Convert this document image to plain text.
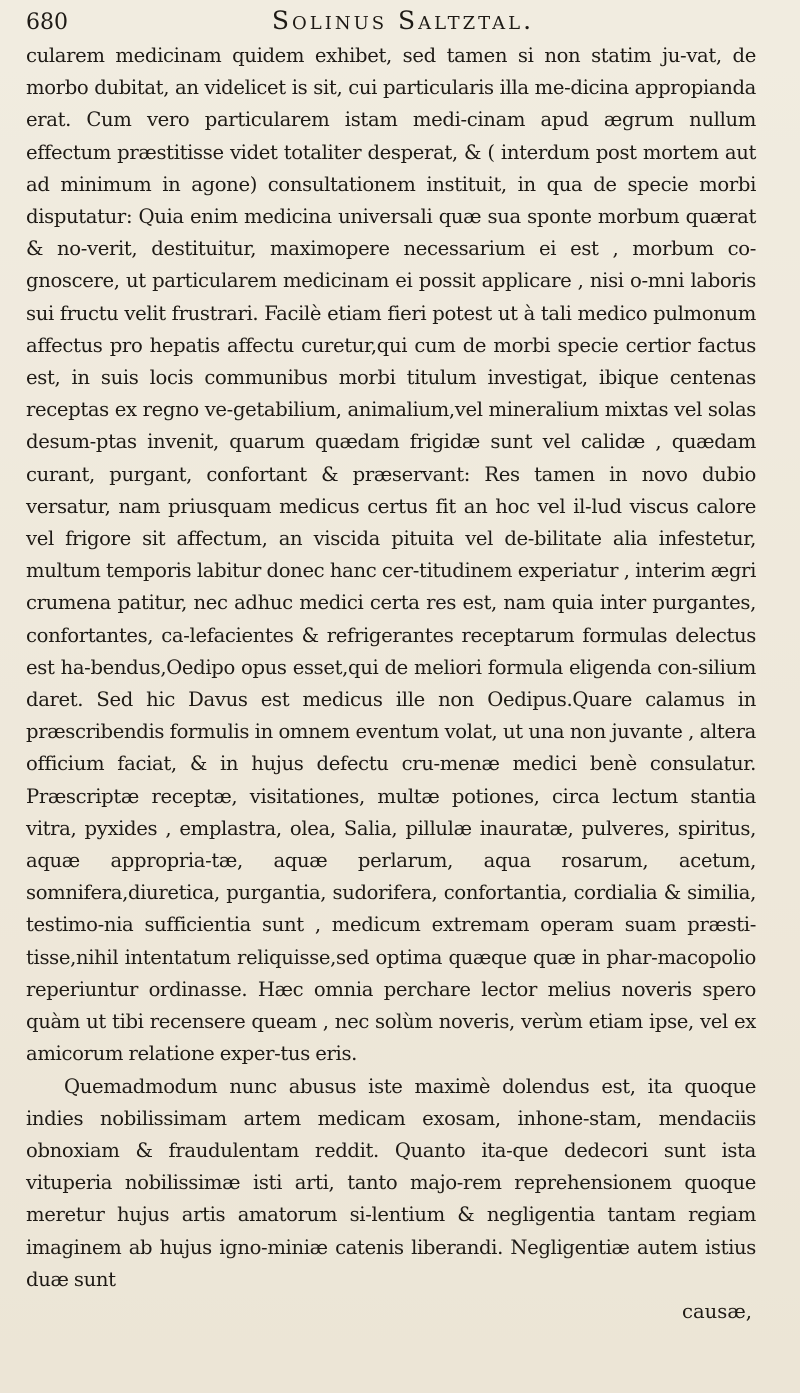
680	Solinus Saltztal.

cularem medicinam quidem exhibet, sed tamen si non statim ju-vat, de morbo dubitat, an videlicet is sit, cui particularis illa me-dicina appropianda erat. Cum vero particularem istam medi-cinam apud ægrum nullum effectum præstitisse videt totaliter desperat, & ( interdum post mortem aut ad minimum in agone) consultationem instituit, in qua de specie morbi disputatur: Quia enim medicina universali quæ sua sponte morbum quærat & no-verit, destituitur, maximopere necessarium ei est , morbum co-gnoscere, ut particularem medicinam ei possit applicare , nisi o-mni laboris sui fructu velit frustrari. Facilè etiam fieri potest ut à tali medico pulmonum affectus pro hepatis affectu curetur,qui cum de morbi specie certior factus est, in suis locis communibus morbi titulum investigat, ibique centenas receptas ex regno ve-getabilium, animalium,vel mineralium mixtas vel solas desum-ptas invenit, quarum quædam frigidæ sunt vel calidæ , quædam curant, purgant, confortant & præservant: Res tamen in novo dubio versatur, nam priusquam medicus certus fit an hoc vel il-lud viscus calore vel frigore sit affectum, an viscida pituita vel de-bilitate alia infestetur, multum temporis labitur donec hanc cer-titudinem experiatur , interim ægri crumena patitur, nec adhuc medici certa res est, nam quia inter purgantes, confortantes, ca-lefacientes & refrigerantes receptarum formulas delectus est ha-bendus,Oedipo opus esset,qui de meliori formula eligenda con-silium daret. Sed hic Davus est medicus ille non Oedipus.Quare calamus in præscribendis formulis in omnem eventum volat, ut una non juvante , altera officium faciat, & in hujus defectu cru-menæ medici benè consulatur. Præscriptæ receptæ, visitationes, multæ potiones, circa lectum stantia vitra, pyxides , emplastra, olea, Salia, pillulæ inauratæ, pulveres, spiritus, aquæ appropria-tæ, aquæ perlarum, aqua rosarum, acetum, somnifera,diuretica, purgantia, sudorifera, confortantia, cordialia & similia, testimo-nia sufficientia sunt , medicum extremam operam suam præsti-tisse,nihil intentatum reliquisse,sed optima quæque quæ in phar-macopolio reperiuntur ordinasse. Hæc omnia perchare lector melius noveris spero quàm ut tibi recensere queam , nec solùm noveris, verùm etiam ipse, vel ex amicorum relatione exper-tus eris.

Quemadmodum nunc abusus iste maximè dolendus est, ita quoque indies nobilissimam artem medicam exosam, inhone-stam, mendaciis obnoxiam & fraudulentam reddit. Quanto ita-que dedecori sunt ista vituperia nobilissimæ isti arti, tanto majo-rem reprehensionem quoque meretur hujus artis amatorum si-lentium & negligentia tantam regiam imaginem ab hujus igno-miniæ catenis liberandi. Negligentiæ autem istius duæ sunt

causæ,
